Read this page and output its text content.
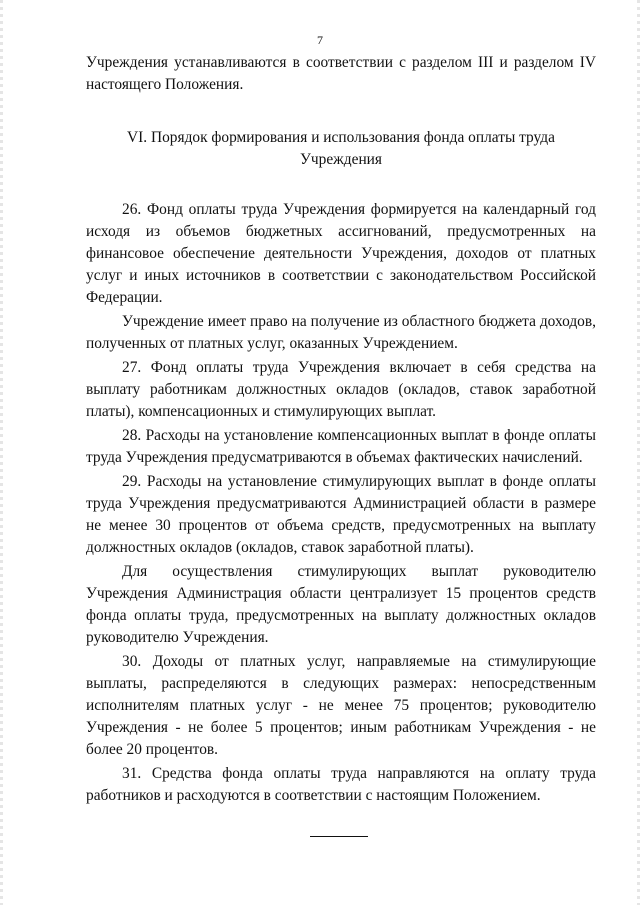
7

Учреждения устанавливаются в соответствии с разделом III и разделом IV настоящего Положения.

VI. Порядок формирования и использования фонда оплаты труда
Учреждения

26. Фонд оплаты труда Учреждения формируется на календарный год исходя из объемов бюджетных ассигнований, предусмотренных на финансовое обеспечение деятельности Учреждения, доходов от платных услуг и иных источников в соответствии с законодательством Российской Федерации.

Учреждение имеет право на получение из областного бюджета доходов, полученных от платных услуг, оказанных Учреждением.

27. Фонд оплаты труда Учреждения включает в себя средства на выплату работникам должностных окладов (окладов, ставок заработной платы), компенсационных и стимулирующих выплат.

28. Расходы на установление компенсационных выплат в фонде оплаты труда Учреждения предусматриваются в объемах фактических начислений.

29. Расходы на установление стимулирующих выплат в фонде оплаты труда Учреждения предусматриваются Администрацией области в размере не менее 30 процентов от объема средств, предусмотренных на выплату должностных окладов (окладов, ставок заработной платы).

Для осуществления стимулирующих выплат руководителю Учреждения Администрация области централизует 15 процентов средств фонда оплаты труда, предусмотренных на выплату должностных окладов руководителю Учреждения.

30. Доходы от платных услуг, направляемые на стимулирующие выплаты, распределяются в следующих размерах: непосредственным исполнителям платных услуг - не менее 75 процентов; руководителю Учреждения - не более 5 процентов; иным работникам Учреждения - не более 20 процентов.

31. Средства фонда оплаты труда направляются на оплату труда работников и расходуются в соответствии с настоящим Положением.
